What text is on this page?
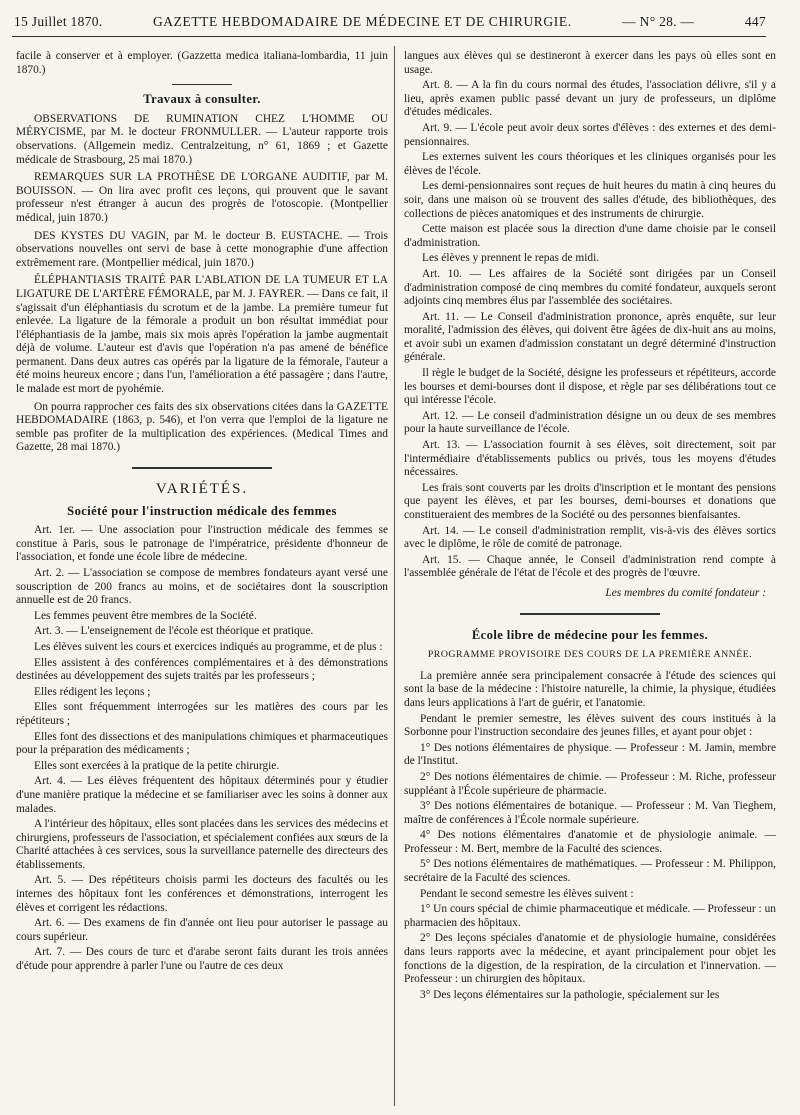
15 Juillet 1870.	GAZETTE HEBDOMADAIRE DE MÉDECINE ET DE CHIRURGIE.	— N° 28. —	447

facile à conserver et à employer. (Gazzetta medica italiana-lombardia, 11 juin 1870.)

Travaux à consulter.

OBSERVATIONS DE RUMINATION CHEZ L'HOMME OU MÉRYCISME, par M. le docteur FRONMULLER. — L'auteur rapporte trois observations. (Allgemein mediz. Centralzeitung, n° 61, 1869 ; et Gazette médicale de Strasbourg, 25 mai 1870.)

REMARQUES SUR LA PROTHÈSE DE L'ORGANE AUDITIF, par M. BOUISSON. — On lira avec profit ces leçons, qui prouvent que le savant professeur n'est étranger à aucun des progrès de l'otoscopie. (Montpellier médical, juin 1870.)

DES KYSTES DU VAGIN, par M. le docteur B. EUSTACHE. — Trois observations nouvelles ont servi de base à cette monographie d'une affection extrêmement rare. (Montpellier médical, juin 1870.)

ÉLÉPHANTIASIS TRAITÉ PAR L'ABLATION DE LA TUMEUR ET LA LIGATURE DE L'ARTÈRE FÉMORALE, par M. J. FAYRER. — Dans ce fait, il s'agissait d'un éléphantiasis du scrotum et de la jambe. La première tumeur fut enlevée. La ligature de la fémorale a produit un bon résultat immédiat pour l'éléphantiasis de la jambe, mais six mois après l'opération la jambe augmentait déjà de volume. L'auteur est d'avis que l'opération n'a pas amené de bénéfice permanent. Dans deux autres cas opérés par la ligature de la fémorale, l'auteur a été moins heureux encore ; dans l'un, l'amélioration a été passagère ; dans l'autre, le malade est mort de pyohémie.

On pourra rapprocher ces faits des six observations citées dans la GAZETTE HEBDOMADAIRE (1863, p. 546), et l'on verra que l'emploi de la ligature ne semble pas profiter de la multiplication des expériences. (Medical Times and Gazette, 28 mai 1870.)

VARIÉTÉS.
Société pour l'instruction médicale des femmes

Art. 1er. — Une association pour l'instruction médicale des femmes se constitue à Paris, sous le patronage de l'impératrice, présidente d'honneur de l'association, et fonde une école libre de médecine.

Art. 2. — L'association se compose de membres fondateurs ayant versé une souscription de 200 francs au moins, et de sociétaires dont la souscription annuelle est de 20 francs.

Les femmes peuvent être membres de la Société.

Art. 3. — L'enseignement de l'école est théorique et pratique.

Les élèves suivent les cours et exercices indiqués au programme, et de plus :

Elles assistent à des conférences complémentaires et à des démonstrations destinées au développement des sujets traités par les professeurs ;

Elles rédigent les leçons ;

Elles sont fréquemment interrogées sur les matières des cours par les répétiteurs ;

Elles font des dissections et des manipulations chimiques et pharmaceutiques pour la préparation des médicaments ;

Elles sont exercées à la pratique de la petite chirurgie.

Art. 4. — Les élèves fréquentent des hôpitaux déterminés pour y étudier d'une manière pratique la médecine et se familiariser avec les soins à donner aux malades.

A l'intérieur des hôpitaux, elles sont placées dans les services des médecins et chirurgiens, professeurs de l'association, et spécialement confiées aux sœurs de la Charité attachées à ces services, sous la surveillance paternelle des directeurs des établissements.

Art. 5. — Des répétiteurs choisis parmi les docteurs des facultés ou les internes des hôpitaux font les conférences et démonstrations, interrogent les élèves et corrigent les rédactions.

Art. 6. — Des examens de fin d'année ont lieu pour autoriser le passage au cours supérieur.

Art. 7. — Des cours de turc et d'arabe seront faits durant les trois années d'étude pour apprendre à parler l'une ou l'autre de ces deux

langues aux élèves qui se destineront à exercer dans les pays où elles sont en usage.

Art. 8. — A la fin du cours normal des études, l'association délivre, s'il y a lieu, après examen public passé devant un jury de professeurs, un diplôme d'études médicales.

Art. 9. — L'école peut avoir deux sortes d'élèves : des externes et des demi-pensionnaires.

Les externes suivent les cours théoriques et les cliniques organisés pour les élèves de l'école.

Les demi-pensionnaires sont reçues de huit heures du matin à cinq heures du soir, dans une maison où se trouvent des salles d'étude, des bibliothèques, des collections de pièces anatomiques et des instruments de chirurgie.

Cette maison est placée sous la direction d'une dame choisie par le conseil d'administration.

Les élèves y prennent le repas de midi.

Art. 10. — Les affaires de la Société sont dirigées par un Conseil d'administration composé de cinq membres du comité fondateur, auxquels seront adjoints cinq membres élus par l'assemblée des sociétaires.

Art. 11. — Le Conseil d'administration prononce, après enquête, sur leur moralité, l'admission des élèves, qui doivent être âgées de dix-huit ans au moins, et avoir subi un examen d'admission constatant un degré déterminé d'instruction générale.

Il règle le budget de la Société, désigne les professeurs et répétiteurs, accorde les bourses et demi-bourses dont il dispose, et règle par ses délibérations tout ce qui intéresse l'école.

Art. 12. — Le conseil d'administration désigne un ou deux de ses membres pour la haute surveillance de l'école.

Art. 13. — L'association fournit à ses élèves, soit directement, soit par l'intermédiaire d'établissements publics ou privés, tous les moyens d'études nécessaires.

Les frais sont couverts par les droits d'inscription et le montant des pensions que payent les élèves, et par les bourses, demi-bourses et donations que constitueraient des membres de la Société ou des personnes bienfaisantes.

Art. 14. — Le conseil d'administration remplit, vis-à-vis des élèves sortics avec le diplôme, le rôle de comité de patronage.

Art. 15. — Chaque année, le Conseil d'administration rend compte à l'assemblée générale de l'état de l'école et des progrès de l'œuvre.

Les membres du comité fondateur :
École libre de médecine pour les femmes.
PROGRAMME PROVISOIRE DES COURS DE LA PREMIÈRE ANNÉE.

La première année sera principalement consacrée à l'étude des sciences qui sont la base de la médecine : l'histoire naturelle, la chimie, la physique, étudiées dans leurs applications à l'art de guérir, et l'anatomie.

Pendant le premier semestre, les élèves suivent des cours institués à la Sorbonne pour l'instruction secondaire des jeunes filles, et ayant pour objet :

1° Des notions élémentaires de physique. — Professeur : M. Jamin, membre de l'Institut.

2° Des notions élémentaires de chimie. — Professeur : M. Riche, professeur suppléant à l'École supérieure de pharmacie.

3° Des notions élémentaires de botanique. — Professeur : M. Van Tieghem, maître de conférences à l'École normale supérieure.

4° Des notions élémentaires d'anatomie et de physiologie animale. — Professeur : M. Bert, membre de la Faculté des sciences.

5° Des notions élémentaires de mathématiques. — Professeur : M. Philippon, secrétaire de la Faculté des sciences.

Pendant le second semestre les élèves suivent :

1° Un cours spécial de chimie pharmaceutique et médicale. — Professeur : un pharmacien des hôpitaux.

2° Des leçons spéciales d'anatomie et de physiologie humaine, considérées dans leurs rapports avec la médecine, et ayant principalement pour objet les fonctions de la digestion, de la respiration, de la circulation et l'innervation. — Professeur : un chirurgien des hôpitaux.

3° Des leçons élémentaires sur la pathologie, spécialement sur les
